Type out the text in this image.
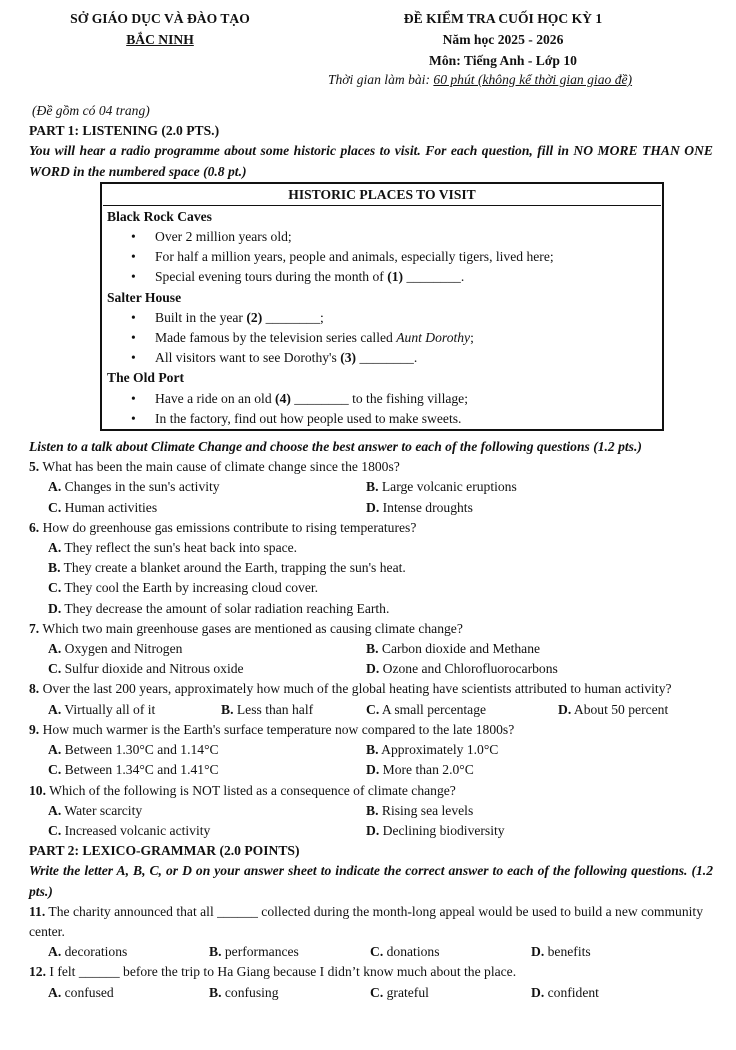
SỞ GIÁO DỤC VÀ ĐÀO TẠO
BẮC NINH
ĐỀ KIỂM TRA CUỐI HỌC KỲ 1
Năm học 2025 - 2026
Môn: Tiếng Anh - Lớp 10
Thời gian làm bài: 60 phút (không kể thời gian giao đề)
(Đề gồm có 04 trang)
PART 1: LISTENING (2.0 PTS.)
You will hear a radio programme about some historic places to visit. For each question, fill in NO MORE THAN ONE WORD in the numbered space (0.8 pt.)
HISTORIC PLACES TO VISIT
Black Rock Caves
• Over 2 million years old;
• For half a million years, people and animals, especially tigers, lived here;
• Special evening tours during the month of (1) ________.
Salter House
• Built in the year (2) ________;
• Made famous by the television series called Aunt Dorothy;
• All visitors want to see Dorothy's (3) ________.
The Old Port
• Have a ride on an old (4) ________ to the fishing village;
• In the factory, find out how people used to make sweets.
Listen to a talk about Climate Change and choose the best answer to each of the following questions (1.2 pts.)
5. What has been the main cause of climate change since the 1800s?
A. Changes in the sun's activity	B. Large volcanic eruptions
C. Human activities	D. Intense droughts
6. How do greenhouse gas emissions contribute to rising temperatures?
A. They reflect the sun's heat back into space.
B. They create a blanket around the Earth, trapping the sun's heat.
C. They cool the Earth by increasing cloud cover.
D. They decrease the amount of solar radiation reaching Earth.
7. Which two main greenhouse gases are mentioned as causing climate change?
A. Oxygen and Nitrogen	B. Carbon dioxide and Methane
C. Sulfur dioxide and Nitrous oxide	D. Ozone and Chlorofluorocarbons
8. Over the last 200 years, approximately how much of the global heating have scientists attributed to human activity?
A. Virtually all of it	B. Less than half	C. A small percentage	D. About 50 percent
9. How much warmer is the Earth's surface temperature now compared to the late 1800s?
A. Between 1.30°C and 1.14°C	B. Approximately 1.0°C
C. Between 1.34°C and 1.41°C	D. More than 2.0°C
10. Which of the following is NOT listed as a consequence of climate change?
A. Water scarcity	B. Rising sea levels
C. Increased volcanic activity	D. Declining biodiversity
PART 2: LEXICO-GRAMMAR (2.0 POINTS)
Write the letter A, B, C, or D on your answer sheet to indicate the correct answer to each of the following questions. (1.2 pts.)
11. The charity announced that all ______ collected during the month-long appeal would be used to build a new community center.
A. decorations	B. performances	C. donations	D. benefits
12. I felt ______ before the trip to Ha Giang because I didn’t know much about the place.
A. confused	B. confusing	C. grateful	D. confident
